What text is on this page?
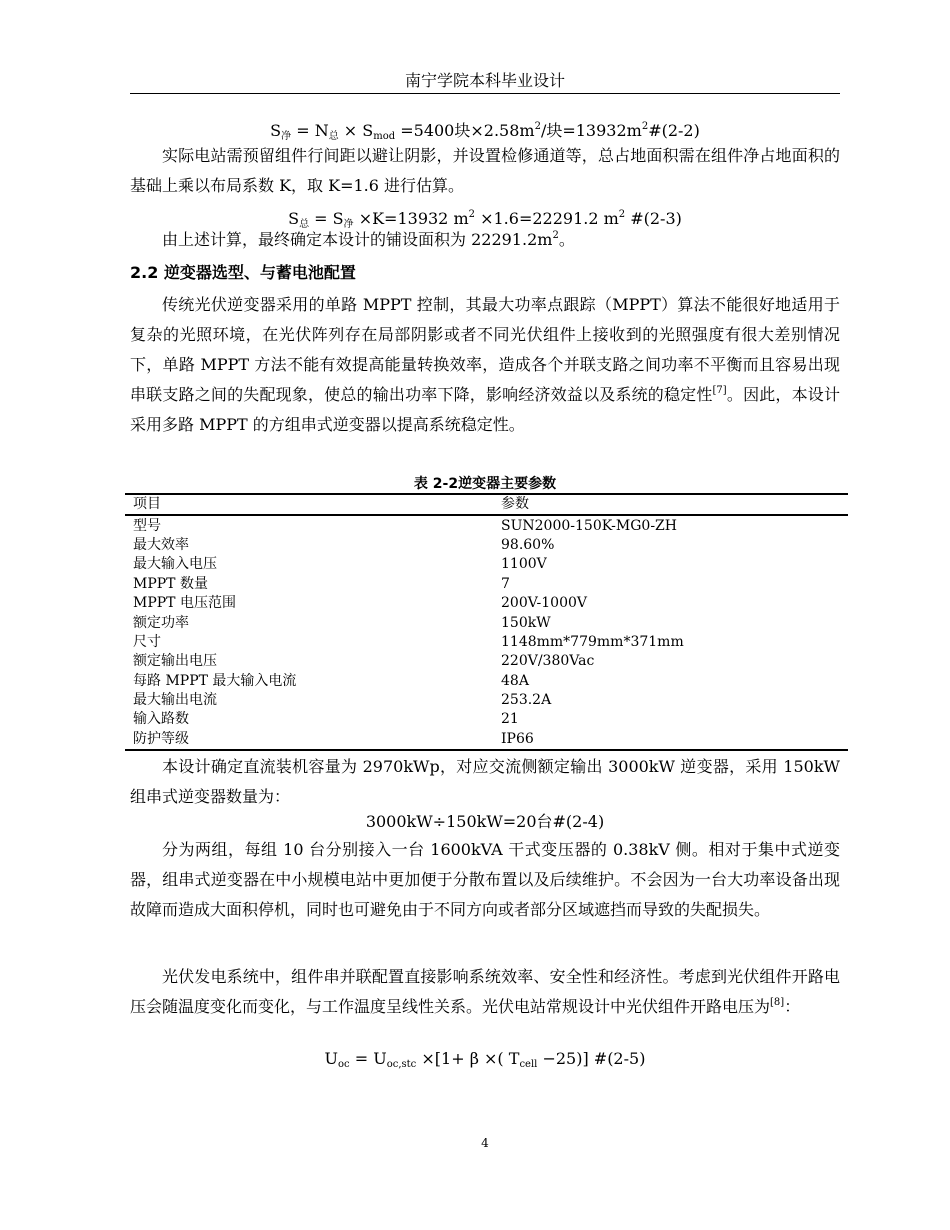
南宁学院本科毕业设计
$S_净 = N_总 \times S_{mod} =5400$块$\times 2.58m^2/$块$=13932m^2\#(2-2)$

实际电站需预留组件行间距以避让阴影，并设置检修通道等，总占地面积需在组件净占地面积的基础上乘以布局系数 K，取 K=1.6 进行估算。

$S_总 = S_净 \times K=13932$ $m^2 \times 1.6=22291.2$ $m^2$ #(2-3)

由上述计算，最终确定本设计的铺设面积为 $22291.2m^2$。

2.2 逆变器选型、与蓄电池配置

传统光伏逆变器采用的单路 MPPT 控制，其最大功率点跟踪（MPPT）算法不能很好地适用于复杂的光照环境，在光伏阵列存在局部阴影或者不同光伏组件上接收到的光照强度有很大差别情况下，单路 MPPT 方法不能有效提高能量转换效率，造成各个并联支路之间功率不平衡而且容易出现串联支路之间的失配现象，使总的输出功率下降，影响经济效益以及系统的稳定性[7]。因此，本设计采用多路 MPPT 的方组串式逆变器以提高系统稳定性。

表 2-2逆变器主要参数
项目	参数
型号	SUN2000-150K-MG0-ZH
最大效率	98.60%
最大输入电压	1100V
MPPT 数量	7
MPPT 电压范围	200V-1000V
额定功率	150kW
尺寸	1148mm*779mm*371mm
额定输出电压	220V/380Vac
每路 MPPT 最大输入电流	48A
最大输出电流	253.2A
输入路数	21
防护等级	IP66

本设计确定直流装机容量为 2970kWp，对应交流侧额定输出 3000kW 逆变器，采用 150kW 组串式逆变器数量为：

3000kW÷150kW=20台#(2-4)

分为两组，每组 10 台分别接入一台 1600kVA 干式变压器的 0.38kV 侧。相对于集中式逆变器，组串式逆变器在中小规模电站中更加便于分散布置以及后续维护。不会因为一台大功率设备出现故障而造成大面积停机，同时也可避免由于不同方向或者部分区域遮挡而导致的失配损失。

光伏发电系统中，组件串并联配置直接影响系统效率、安全性和经济性。考虑到光伏组件开路电压会随温度变化而变化，与工作温度呈线性关系。光伏电站常规设计中光伏组件开路电压为[8]：

$U_{oc} = U_{oc,stc} \times[1+ \beta$ ×( $T_{cell} -25$)] #(2-5)
4
